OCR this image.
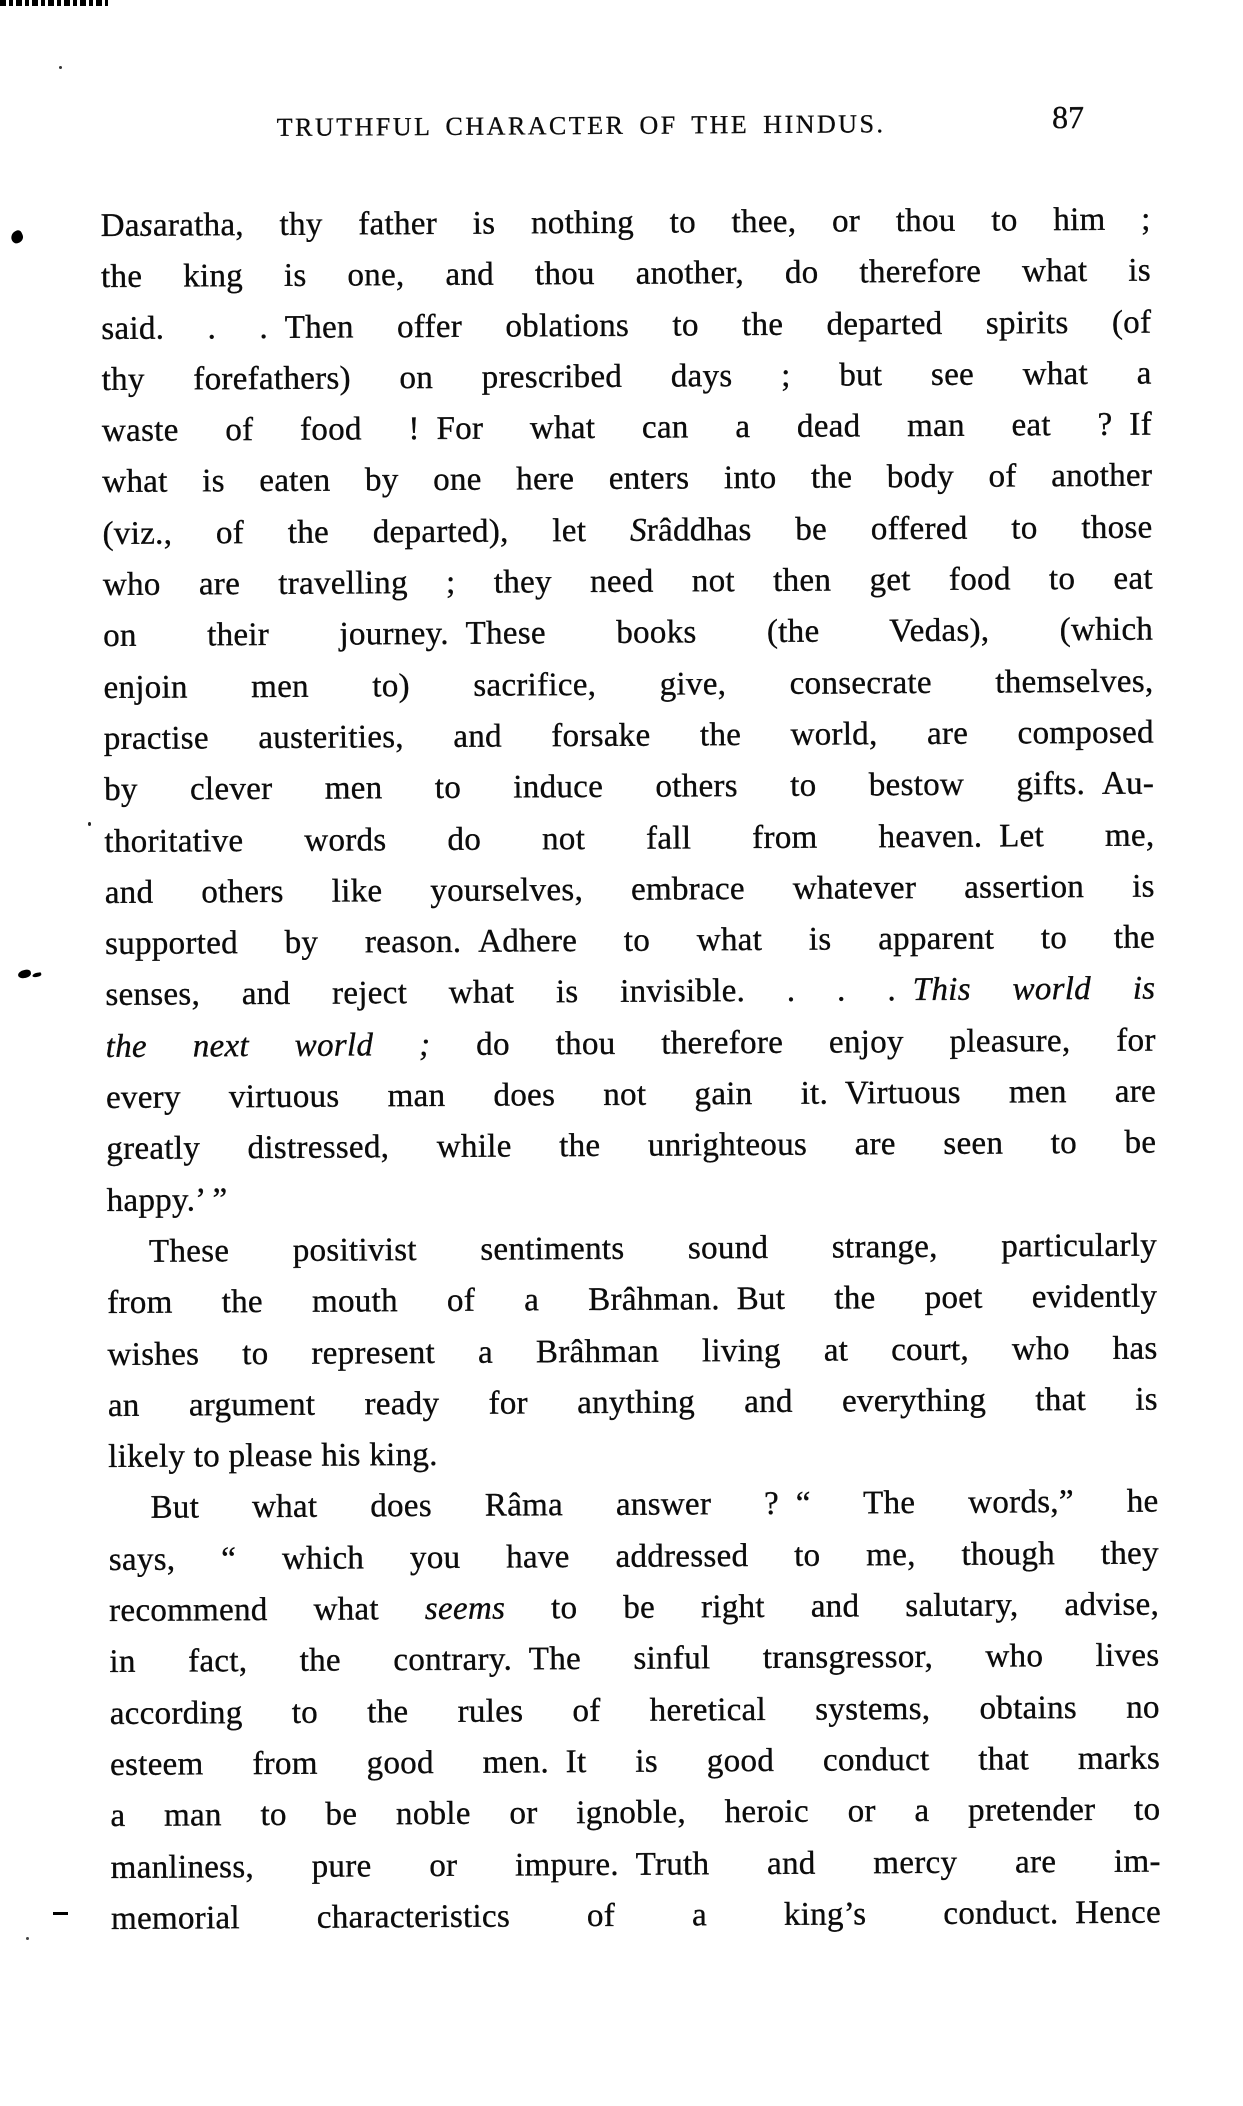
TRUTHFUL CHARACTER OF THE HINDUS.	87
Dasaratha, thy father is nothing to thee, or thou to him ;
the king is one, and thou another, do therefore what is
said. . . Then offer oblations to the departed spirits (of
thy forefathers) on prescribed days ; but see what a
waste of food ! For what can a dead man eat ? If
what is eaten by one here enters into the body of another
(viz., of the departed), let Srâddhas be offered to those
who are travelling ; they need not then get food to eat
on their journey. These books (the Vedas), (which
enjoin men to) sacrifice, give, consecrate themselves,
practise austerities, and forsake the world, are composed
by clever men to induce others to bestow gifts. Au-
thoritative words do not fall from heaven. Let me,
and others like yourselves, embrace whatever assertion is
supported by reason. Adhere to what is apparent to the
senses, and reject what is invisible. . . . This world is
the next world ; do thou therefore enjoy pleasure, for
every virtuous man does not gain it. Virtuous men are
greatly distressed, while the unrighteous are seen to be
happy.’ ”
These positivist sentiments sound strange, particularly
from the mouth of a Brâhman. But the poet evidently
wishes to represent a Brâhman living at court, who has
an argument ready for anything and everything that is
likely to please his king.
But what does Râma answer ? “ The words,” he
says, “ which you have addressed to me, though they
recommend what seems to be right and salutary, advise,
in fact, the contrary. The sinful transgressor, who lives
according to the rules of heretical systems, obtains no
esteem from good men. It is good conduct that marks
a man to be noble or ignoble, heroic or a pretender to
manliness, pure or impure. Truth and mercy are im-
memorial characteristics of a king’s conduct. Hence
